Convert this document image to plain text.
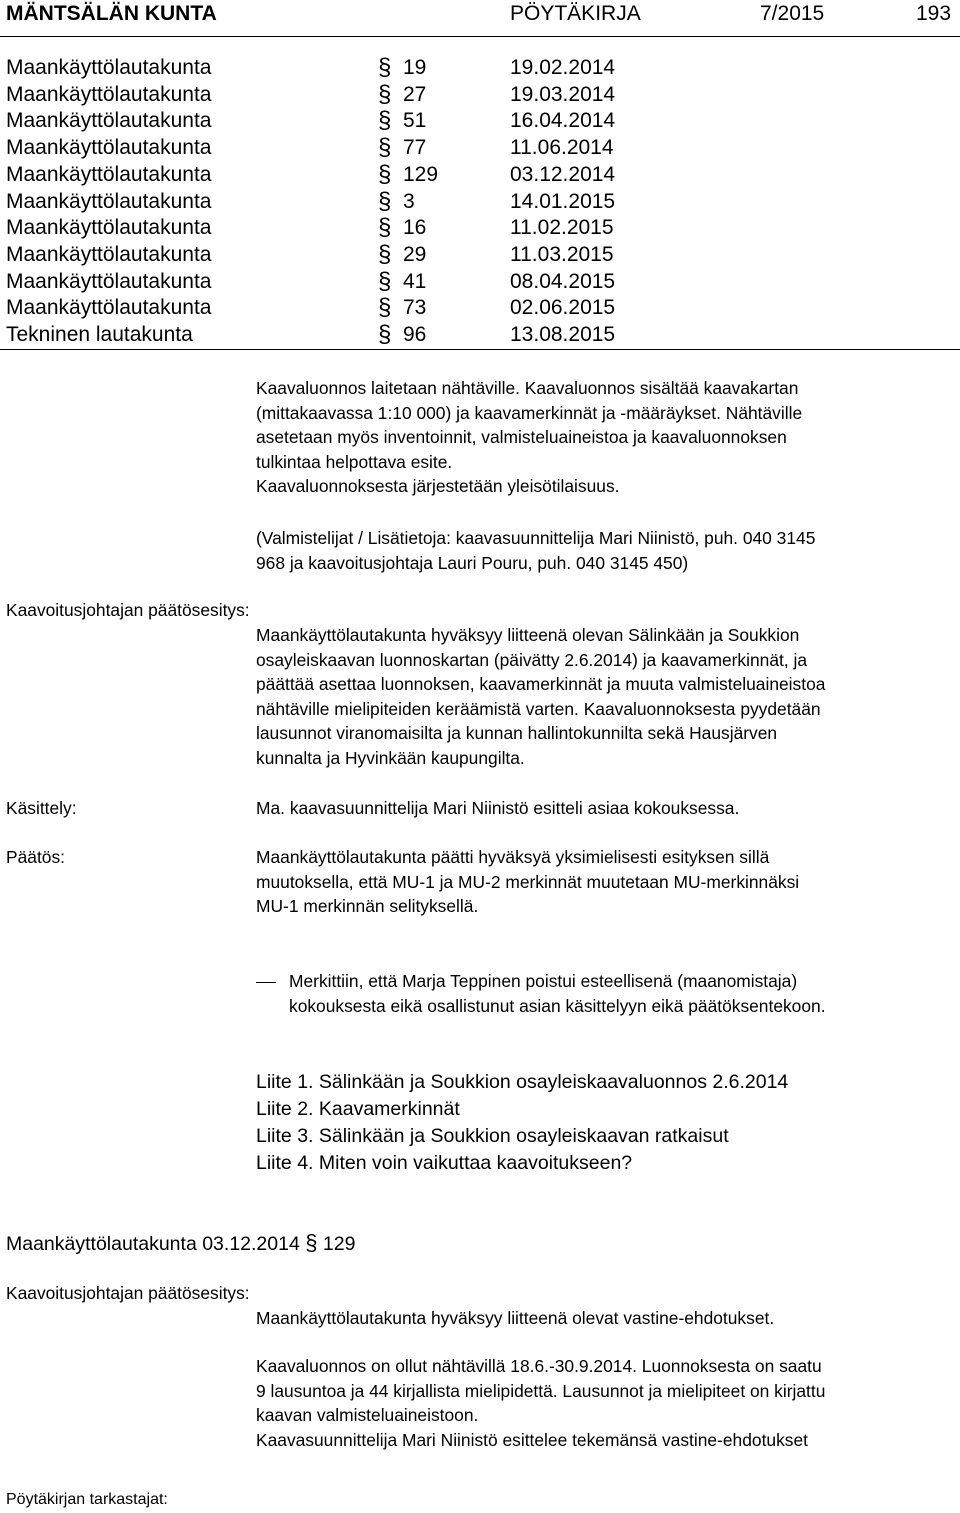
MÄNTSÄLÄN KUNTA	PÖYTÄKIRJA	7/2015	193
Maankäyttölautakunta	§ 19	19.02.2014
Maankäyttölautakunta	§ 27	19.03.2014
Maankäyttölautakunta	§ 51	16.04.2014
Maankäyttölautakunta	§ 77	11.06.2014
Maankäyttölautakunta	§ 129	03.12.2014
Maankäyttölautakunta	§ 3	14.01.2015
Maankäyttölautakunta	§ 16	11.02.2015
Maankäyttölautakunta	§ 29	11.03.2015
Maankäyttölautakunta	§ 41	08.04.2015
Maankäyttölautakunta	§ 73	02.06.2015
Tekninen lautakunta	§ 96	13.08.2015

Kaavaluonnos laitetaan nähtäville. Kaavaluonnos sisältää kaavakartan

(mittakaavassa 1:10 000) ja kaavamerkinnät ja -määräykset. Nähtäville

asetetaan myös inventoinnit, valmisteluaineistoa ja kaavaluonnoksen

tulkintaa helpottava esite.

Kaavaluonnoksesta järjestetään yleisötilaisuus.

(Valmistelijat / Lisätietoja: kaavasuunnittelija Mari Niinistö, puh. 040 3145

968 ja kaavoitusjohtaja Lauri Pouru, puh. 040 3145 450)

Kaavoitusjohtajan päätösesitys:

Maankäyttölautakunta hyväksyy liitteenä olevan Sälinkään ja Soukkion

osayleiskaavan luonnoskartan (päivätty 2.6.2014) ja kaavamerkinnät, ja

päättää asettaa luonnoksen, kaavamerkinnät ja muuta valmisteluaineistoa

nähtäville mielipiteiden keräämistä varten. Kaavaluonnoksesta pyydetään

lausunnot viranomaisilta ja kunnan hallintokunnilta sekä Hausjärven

kunnalta ja Hyvinkään kaupungilta.

Käsittely:	Ma. kaavasuunnittelija Mari Niinistö esitteli asiaa kokouksessa.

Päätös:	Maankäyttölautakunta päätti hyväksyä yksimielisesti esityksen sillä

muutoksella, että MU-1 ja MU-2 merkinnät muutetaan MU-merkinnäksi

MU-1 merkinnän selityksellä.

Merkittiin, että Marja Teppinen poistui esteellisenä (maanomistaja)

kokouksesta eikä osallistunut asian käsittelyyn eikä päätöksentekoon.

Liite 1. Sälinkään ja Soukkion osayleiskaavaluonnos 2.6.2014

Liite 2. Kaavamerkinnät

Liite 3. Sälinkään ja Soukkion osayleiskaavan ratkaisut

Liite 4. Miten voin vaikuttaa kaavoitukseen?

Maankäyttölautakunta 03.12.2014 § 129
Kaavoitusjohtajan päätösesitys:

Maankäyttölautakunta hyväksyy liitteenä olevat vastine-ehdotukset.

Kaavaluonnos on ollut nähtävillä 18.6.-30.9.2014. Luonnoksesta on saatu

9 lausuntoa ja 44 kirjallista mielipidettä. Lausunnot ja mielipiteet on kirjattu

kaavan valmisteluaineistoon.

Kaavasuunnittelija Mari Niinistö esittelee tekemänsä vastine-ehdotukset

Pöytäkirjan tarkastajat:
